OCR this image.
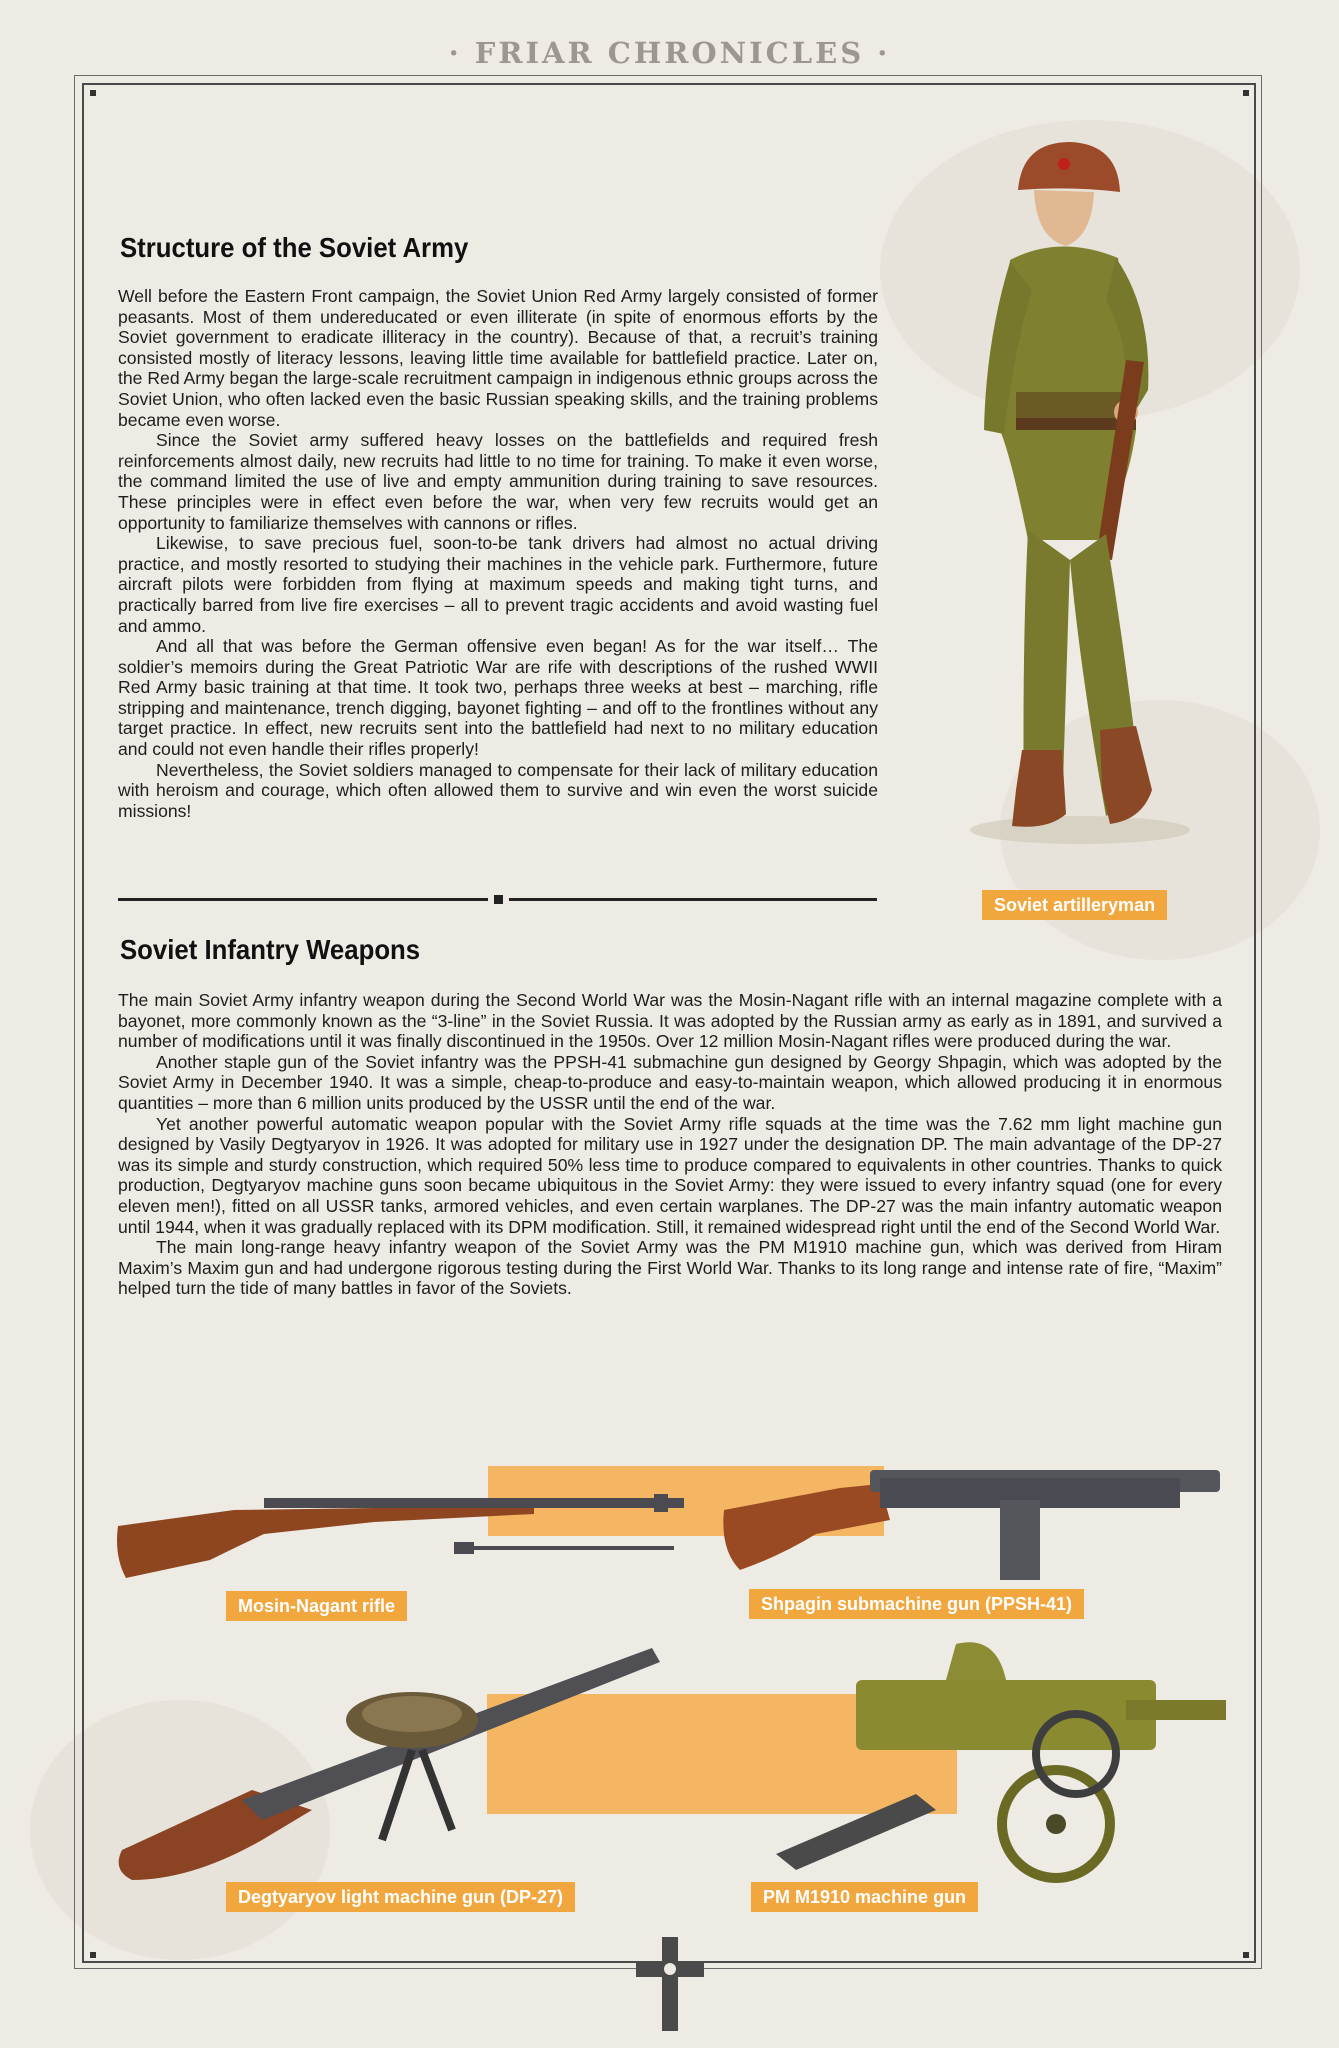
· FRIAR CHRONICLES ·
Structure of the Soviet Army

Well before the Eastern Front campaign, the Soviet Union Red Army largely consisted of former peasants. Most of them undereducated or even illiterate (in spite of enormous efforts by the Soviet government to eradicate illiteracy in the country). Because of that, a recruit’s training consisted mostly of literacy lessons, leaving little time available for battlefield practice. Later on, the Red Army began the large-scale recruitment campaign in indigenous ethnic groups across the Soviet Union, who often lacked even the basic Russian speaking skills, and the training problems became even worse.

Since the Soviet army suffered heavy losses on the battlefields and required fresh reinforcements almost daily, new recruits had little to no time for training. To make it even worse, the command limited the use of live and empty ammunition during training to save resources. These principles were in effect even before the war, when very few recruits would get an opportunity to familiarize themselves with cannons or rifles.

Likewise, to save precious fuel, soon-to-be tank drivers had almost no actual driving practice, and mostly resorted to studying their machines in the vehicle park. Furthermore, future aircraft pilots were forbidden from flying at maximum speeds and making tight turns, and practically barred from live fire exercises – all to prevent tragic accidents and avoid wasting fuel and ammo.

And all that was before the German offensive even began! As for the war itself… The soldier’s memoirs during the Great Patriotic War are rife with descriptions of the rushed WWII Red Army basic training at that time. It took two, perhaps three weeks at best – marching, rifle stripping and maintenance, trench digging, bayonet fighting – and off to the frontlines without any target practice. In effect, new recruits sent into the battlefield had next to no military education and could not even handle their rifles properly!

Nevertheless, the Soviet soldiers managed to compensate for their lack of military education with heroism and courage, which often allowed them to survive and win even the worst suicide missions!

Soviet artilleryman
Soviet Infantry Weapons

The main Soviet Army infantry weapon during the Second World War was the Mosin-Nagant rifle with an internal magazine complete with a bayonet, more commonly known as the “3-line” in the Soviet Russia. It was adopted by the Russian army as early as in 1891, and survived a number of modifications until it was finally discontinued in the 1950s. Over 12 million Mosin-Nagant rifles were produced during the war.

Another staple gun of the Soviet infantry was the PPSH-41 submachine gun designed by Georgy Shpagin, which was adopted by the Soviet Army in December 1940. It was a simple, cheap-to-produce and easy-to-maintain weapon, which allowed producing it in enormous quantities – more than 6 million units produced by the USSR until the end of the war.

Yet another powerful automatic weapon popular with the Soviet Army rifle squads at the time was the 7.62 mm light machine gun designed by Vasily Degtyaryov in 1926. It was adopted for military use in 1927 under the designation DP. The main advantage of the DP-27 was its simple and sturdy construction, which required 50% less time to produce compared to equivalents in other countries. Thanks to quick production, Degtyaryov machine guns soon became ubiquitous in the Soviet Army: they were issued to every infantry squad (one for every eleven men!), fitted on all USSR tanks, armored vehicles, and even certain warplanes. The DP-27 was the main infantry automatic weapon until 1944, when it was gradually replaced with its DPM modification. Still, it remained widespread right until the end of the Second World War.

The main long-range heavy infantry weapon of the Soviet Army was the PM M1910 machine gun, which was derived from Hiram Maxim’s Maxim gun and had undergone rigorous testing during the First World War. Thanks to its long range and intense rate of fire, “Maxim” helped turn the tide of many battles in favor of the Soviets.

Mosin-Nagant rifle	Shpagin submachine gun (PPSH-41)
Degtyaryov light machine gun (DP-27)	PM M1910 machine gun
